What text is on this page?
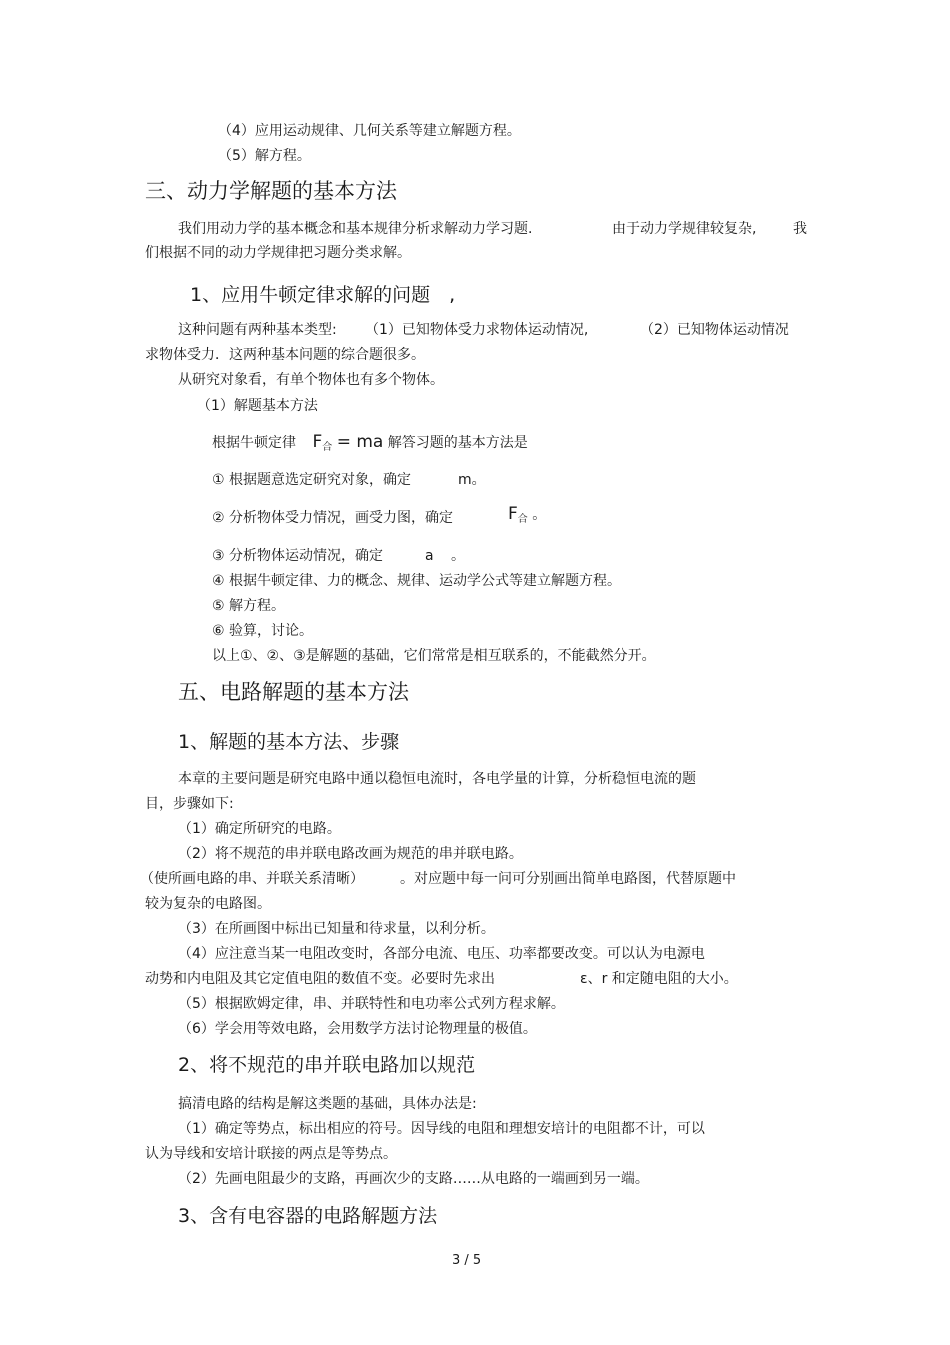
（4）应用运动规律、几何关系等建立解题方程。
（5）解方程。
三、动力学解题的基本方法
我们用动力学的基本概念和基本规律分析求解动力学习题.	由于动力学规律较复杂,	我
们根据不同的动力学规律把习题分类求解。
1、应用牛顿定律求解的问题　,
这种问题有两种基本类型: （1）已知物体受力求物体运动情况,	（2）已知物体运动情况
求物体受力．这两种基本问题的综合题很多。
从研究对象看，有单个物体也有多个物体。
（1）解题基本方法
根据牛顿定律 $F_合$ = ma 解答习题的基本方法是
① 根据题意选定研究对象，确定	m。
② 分析物体受力情况，画受力图，确定	$F_合$ 。
③ 分析物体运动情况，确定	a 。
④ 根据牛顿定律、力的概念、规律、运动学公式等建立解题方程。
⑤ 解方程。
⑥ 验算，讨论。
以上①、②、③是解题的基础，它们常常是相互联系的，不能截然分开。
五、电路解题的基本方法
1、解题的基本方法、步骤
本章的主要问题是研究电路中通以稳恒电流时，各电学量的计算，分析稳恒电流的题
目，步骤如下:
（1）确定所研究的电路。
（2）将不规范的串并联电路改画为规范的串并联电路。
（使所画电路的串、并联关系清晰）	。对应题中每一问可分别画出简单电路图，代替原题中
较为复杂的电路图。
（3）在所画图中标出已知量和待求量，以利分析。
（4）应注意当某一电阻改变时，各部分电流、电压、功率都要改变。可以认为电源电
动势和内电阻及其它定值电阻的数值不变。必要时先求出	ε、r 和定随电阻的大小。
（5）根据欧姆定律，串、并联特性和电功率公式列方程求解。
（6）学会用等效电路，会用数学方法讨论物理量的极值。
2、将不规范的串并联电路加以规范
搞清电路的结构是解这类题的基础，具体办法是:
（1）确定等势点，标出相应的符号。因导线的电阻和理想安培计的电阻都不计，可以
认为导线和安培计联接的两点是等势点。
（2）先画电阻最少的支路，再画次少的支路……从电路的一端画到另一端。
3、含有电容器的电路解题方法
3 / 5
